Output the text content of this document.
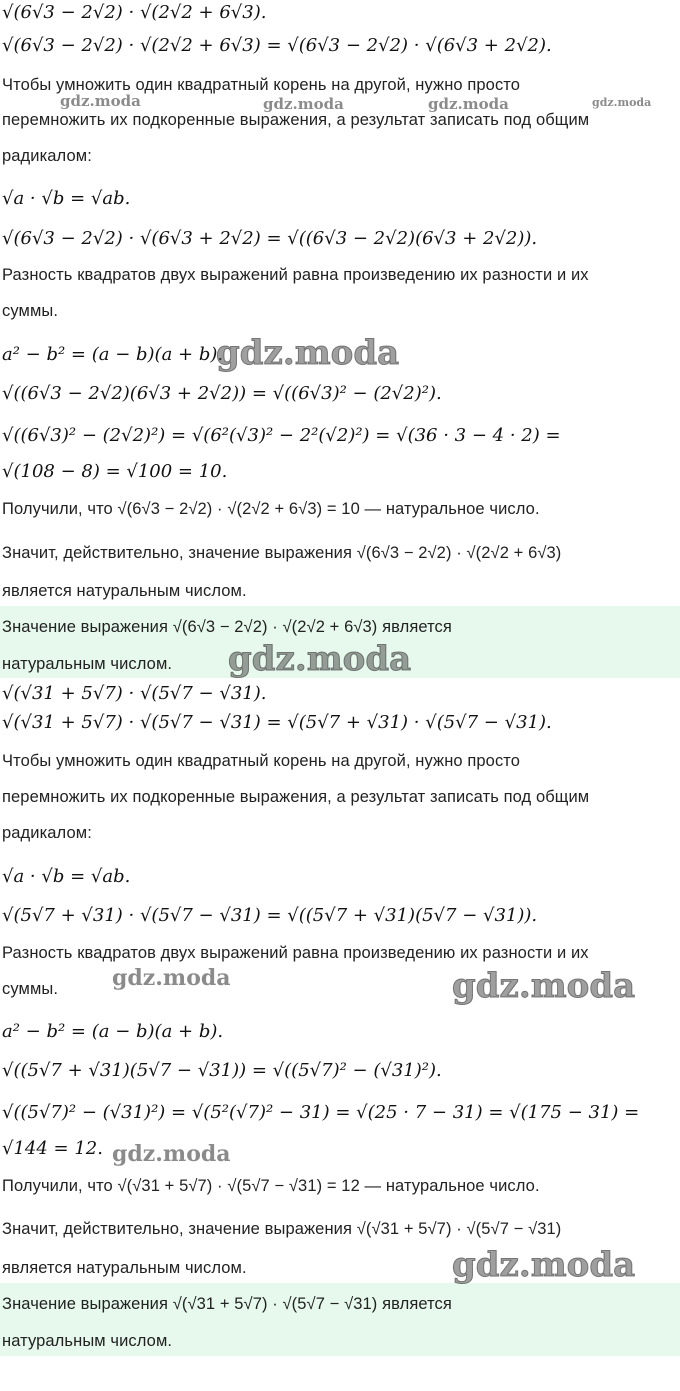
√(6√3 − 2√2) · √(2√2 + 6√3).
√(6√3 − 2√2) · √(2√2 + 6√3) = √(6√3 − 2√2) · √(6√3 + 2√2).
Чтобы умножить один квадратный корень на другой, нужно просто
перемножить их подкоренные выражения, а результат записать под общим
радикалом:
√a · √b = √ab.
√(6√3 − 2√2) · √(6√3 + 2√2) = √((6√3 − 2√2)(6√3 + 2√2)).
Разность квадратов двух выражений равна произведению их разности и их
суммы.
a² − b² = (a − b)(a + b).
√((6√3 − 2√2)(6√3 + 2√2)) = √((6√3)² − (2√2)²).
√((6√3)² − (2√2)²) = √(6²(√3)² − 2²(√2)²) = √(36 · 3 − 4 · 2) =
√(108 − 8) = √100 = 10.
Получили, что √(6√3 − 2√2) · √(2√2 + 6√3) = 10 — натуральное число.
Значит, действительно, значение выражения √(6√3 − 2√2) · √(2√2 + 6√3)
является натуральным числом.
Значение выражения √(6√3 − 2√2) · √(2√2 + 6√3) является
натуральным числом.
√(√31 + 5√7) · √(5√7 − √31).
√(√31 + 5√7) · √(5√7 − √31) = √(5√7 + √31) · √(5√7 − √31).
Чтобы умножить один квадратный корень на другой, нужно просто
перемножить их подкоренные выражения, а результат записать под общим
радикалом:
√a · √b = √ab.
√(5√7 + √31) · √(5√7 − √31) = √((5√7 + √31)(5√7 − √31)).
Разность квадратов двух выражений равна произведению их разности и их
суммы.
a² − b² = (a − b)(a + b).
√((5√7 + √31)(5√7 − √31)) = √((5√7)² − (√31)²).
√((5√7)² − (√31)²) = √(5²(√7)² − 31) = √(25 · 7 − 31) = √(175 − 31) =
√144 = 12.
Получили, что √(√31 + 5√7) · √(5√7 − √31) = 12 — натуральное число.
Значит, действительно, значение выражения √(√31 + 5√7) · √(5√7 − √31)
является натуральным числом.
Значение выражения √(√31 + 5√7) · √(5√7 − √31) является
натуральным числом.
gdz.moda	gdz.moda	gdz.moda	gdz.moda
gdz.moda
gdz.moda
gdz.moda	gdz.moda
gdz.moda
gdz.moda
